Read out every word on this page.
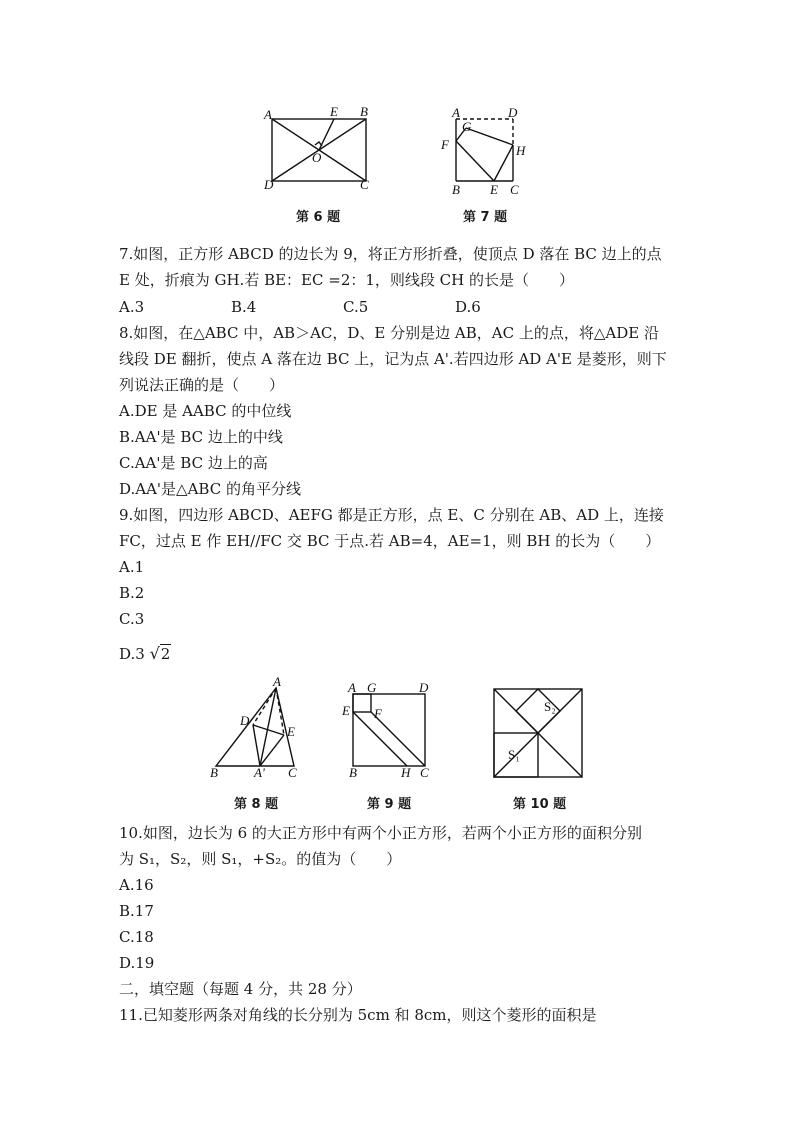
A	E B
O
D	C
第 6 题
A	D
G
F	H
B E C
第 7 题
7.如图，正方形 ABCD 的边长为 9，将正方形折叠，使顶点 D 落在 BC 边上的点
E 处，折痕为 GH.若 BE：EC =2：1，则线段 CH 的长是（　　）
A.3	B.4	C.5	D.6
8.如图，在△ABC 中，AB＞AC，D、E 分别是边 AB，AC 上的点，将△ADE 沿
线段 DE 翻折，使点 A 落在边 BC 上，记为点 A'.若四边形 AD A'E 是菱形，则下
列说法正确的是（　　）
A.DE 是 AABC 的中位线
B.AA'是 BC 边上的中线
C.AA'是 BC 边上的高
D.AA'是△ABC 的角平分线
9.如图，四边形 ABCD、AEFG 都是正方形，点 E、C 分别在 AB、AD 上，连接
FC，过点 E 作 EH//FC 交 BC 于点.若 AB=4，AE=1，则 BH 的长为（　　）
A.1
B.2
C.3
D.3 √2
A
D
E
B	A' C
第 8 题
A G	D
E F
B	H C
第 9 题
S₁
S₂
第 10 题
10.如图，边长为 6 的大正方形中有两个小正方形，若两个小正方形的面积分别
为 S₁，S₂，则 S₁，+S₂。的值为（　　）
A.16
B.17
C.18
D.19
二，填空题（每题 4 分，共 28 分）
11.已知菱形两条对角线的长分别为 5cm 和 8cm，则这个菱形的面积是
